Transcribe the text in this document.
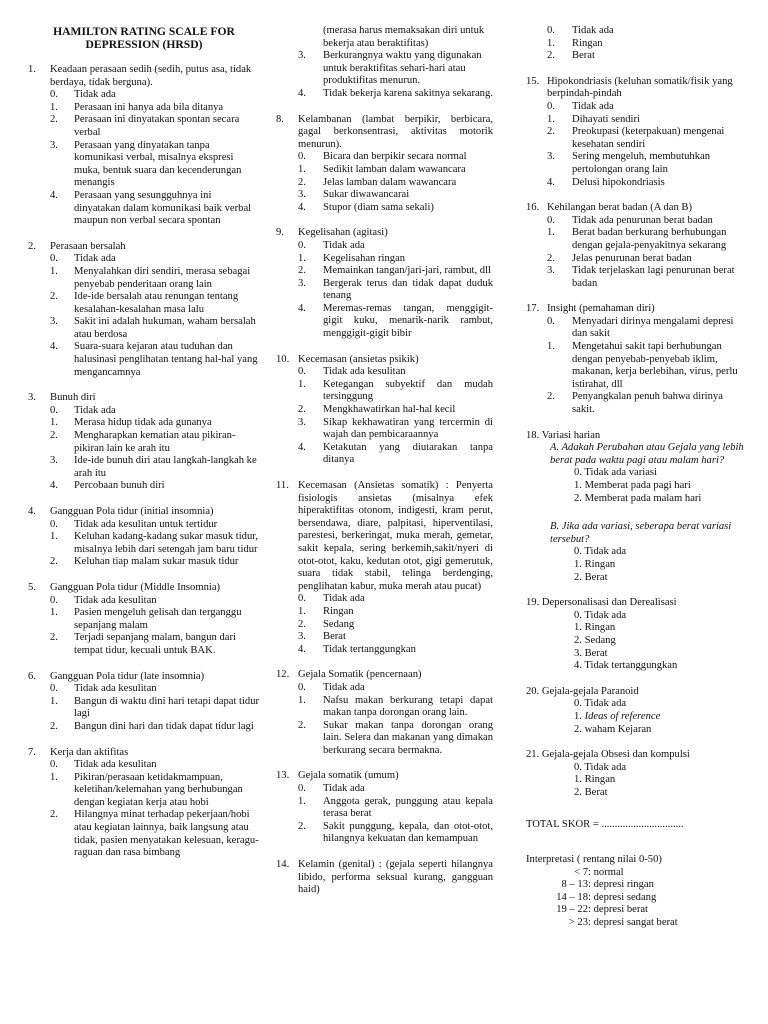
HAMILTON RATING SCALE FOR
DEPRESSION (HRSD)
1.	Keadaan perasaan sedih (sedih, putus asa, tidak berdaya, tidak berguna).
0.	Tidak ada
1.	Perasaan ini hanya ada bila ditanya
2.	Perasaan ini dinyatakan spontan secara verbal
3.	Perasaan yang dinyatakan tanpa komunikasi verbal, misalnya ekspresi muka, bentuk suara dan kecenderungan menangis
4.	Perasaan yang sesungguhnya ini dinyatakan dalam komunikasi baik verbal maupun non verbal secara spontan
2.	Perasaan bersalah
0.	Tidak ada
1.	Menyalahkan diri sendiri, merasa sebagai penyebab penderitaan orang lain
2.	Ide-ide bersalah atau renungan tentang kesalahan-kesalahan masa lalu
3.	Sakit ini adalah hukuman, waham bersalah atau berdosa
4.	Suara-suara kejaran atau tuduhan dan halusinasi penglihatan tentang hal-hal yang mengancamnya
3.	Bunuh diri
0.	Tidak ada
1.	Merasa hidup tidak ada gunanya
2.	Mengharapkan kematian atau pikiran-pikiran lain ke arah itu
3.	Ide-ide bunuh diri atau langkah-langkah ke arah itu
4.	Percobaan bunuh diri
4.	Gangguan Pola tidur (initial insomnia)
0.	Tidak ada kesulitan untuk tertidur
1.	Keluhan kadang-kadang sukar masuk tidur, misalnya lebih dari setengah jam baru tidur
2.	Keluhan tiap malam sukar masuk tidur
5.	Gangguan Pola tidur (Middle Insomnia)
0.	Tidak ada kesulitan
1.	Pasien mengeluh gelisah dan terganggu sepanjang malam
2.	Terjadi sepanjang malam, bangun dari tempat tidur, kecuali untuk BAK.
6.	Gangguan Pola tidur (late insomnia)
0.	Tidak ada kesulitan
1.	Bangun di waktu dini hari tetapi dapat tidur lagi
2.	Bangun dini hari dan tidak dapat tidur lagi
7.	Kerja dan aktifitas
0.	Tidak ada kesulitan
1.	Pikiran/perasaan ketidakmampuan, keletihan/kelemahan yang berhubungan dengan kegiatan kerja atau hobi
2.	Hilangnya minat terhadap pekerjaan/hobi atau kegiatan lainnya, baik langsung atau tidak, pasien menyatakan kelesuan, keragu-raguan dan rasa bimbang
(merasa harus memaksakan diri untuk bekerja atau beraktifitas)
3.	Berkurangnya waktu yang digunakan untuk beraktifitas sehari-hari atau produktifitas menurun.
4.	Tidak bekerja karena sakitnya sekarang.
8.	Kelambanan (lambat berpikir, berbicara, gagal berkonsentrasi, aktivitas motorik menurun).
0.	Bicara dan berpikir secara normal
1.	Sedikit lamban dalam wawancara
2.	Jelas lamban dalam wawancara
3.	Sukar diwawancarai
4.	Stupor (diam sama sekali)
9.	Kegelisahan (agitasi)
0.	Tidak ada
1.	Kegelisahan ringan
2.	Memainkan tangan/jari-jari, rambut, dll
3.	Bergerak terus dan tidak dapat duduk tenang
4.	Meremas-remas tangan, menggigit-gigit kuku, menarik-narik rambut, menggigit-gigit bibir
10. Kecemasan (ansietas psikik)
0.	Tidak ada kesulitan
1.	Ketegangan subyektif dan mudah tersinggung
2.	Mengkhawatirkan hal-hal kecil
3.	Sikap kekhawatiran yang tercermin di wajah dan pembicaraannya
4.	Ketakutan yang diutarakan tanpa ditanya
11. Kecemasan (Ansietas somatik) : Penyerta fisiologis ansietas (misalnya efek hiperaktifitas otonom, indigesti, kram perut, bersendawa, diare, palpitasi, hiperventilasi, parestesi, berkeringat, muka merah, gemetar, sakit kepala, sering berkemih,sakit/nyeri di otot-otot, kaku, kedutan otot, gigi gemerutuk, suara tidak stabil, telinga berdenging, penglihatan kabur, muka merah atau pucat)
0.	Tidak ada
1.	Ringan
2.	Sedang
3.	Berat
4.	Tidak tertanggungkan
12. Gejala Somatik (pencernaan)
0.	Tidak ada
1.	Nafsu makan berkurang tetapi dapat makan tanpa dorongan orang lain.
2.	Sukar makan tanpa dorongan orang lain. Selera dan makanan yang dimakan berkurang secara bermakna.
13. Gejala somatik (umum)
0.	Tidak ada
1.	Anggota gerak, punggung atau kepala terasa berat
2.	Sakit punggung, kepala, dan otot-otot, hilangnya kekuatan dan kemampuan
14. Kelamin (genital) : (gejala seperti hilangnya libido, performa seksual kurang, gangguan haid)
0.	Tidak ada
1.	Ringan
2.	Berat
15. Hipokondriasis (keluhan somatik/fisik yang berpindah-pindah
0.	Tidak ada
1.	Dihayati sendiri
2.	Preokupasi (keterpakuan) mengenai kesehatan sendiri
3.	Sering mengeluh, membutuhkan pertolongan orang lain
4.	Delusi hipokondriasis
16. Kehilangan berat badan (A dan B)
0.	Tidak ada penurunan berat badan
1.	Berat badan berkurang berhubungan dengan gejala-penyakitnya sekarang
2.	Jelas penurunan berat badan
3.	Tidak terjelaskan lagi penurunan berat badan
17. Insight (pemahaman diri)
0.	Menyadari dirinya mengalami depresi dan sakit
1.	Mengetahui sakit tapi berhubungan dengan penyebab-penyebab iklim, makanan, kerja berlebihan, virus, perlu istirahat, dll
2.	Penyangkalan penuh bahwa dirinya sakit.
18. Variasi harian
A. Adakah Perubahan atau Gejala yang lebih berat pada waktu pagi atau malam hari?
0. Tidak ada variasi
1. Memberat pada pagi hari
2. Memberat pada malam hari
B. Jika ada variasi, seberapa berat variasi tersebut?
0. Tidak ada
1. Ringan
2. Berat
19. Depersonalisasi dan Derealisasi
0. Tidak ada
1. Ringan
2. Sedang
3. Berat
4. Tidak tertanggungkan
20. Gejala-gejala Paranoid
0. Tidak ada
1. Ideas of reference
2. waham Kejaran
21. Gejala-gejala Obsesi dan kompulsi
0. Tidak ada
1. Ringan
2. Berat
TOTAL SKOR = ...............................
Interpretasi ( rentang nilai 0-50)
< 7 : normal
8 – 13 : depresi ringan
14 – 18 : depresi sedang
19 – 22 : depresi berat
> 23 : depresi sangat berat
